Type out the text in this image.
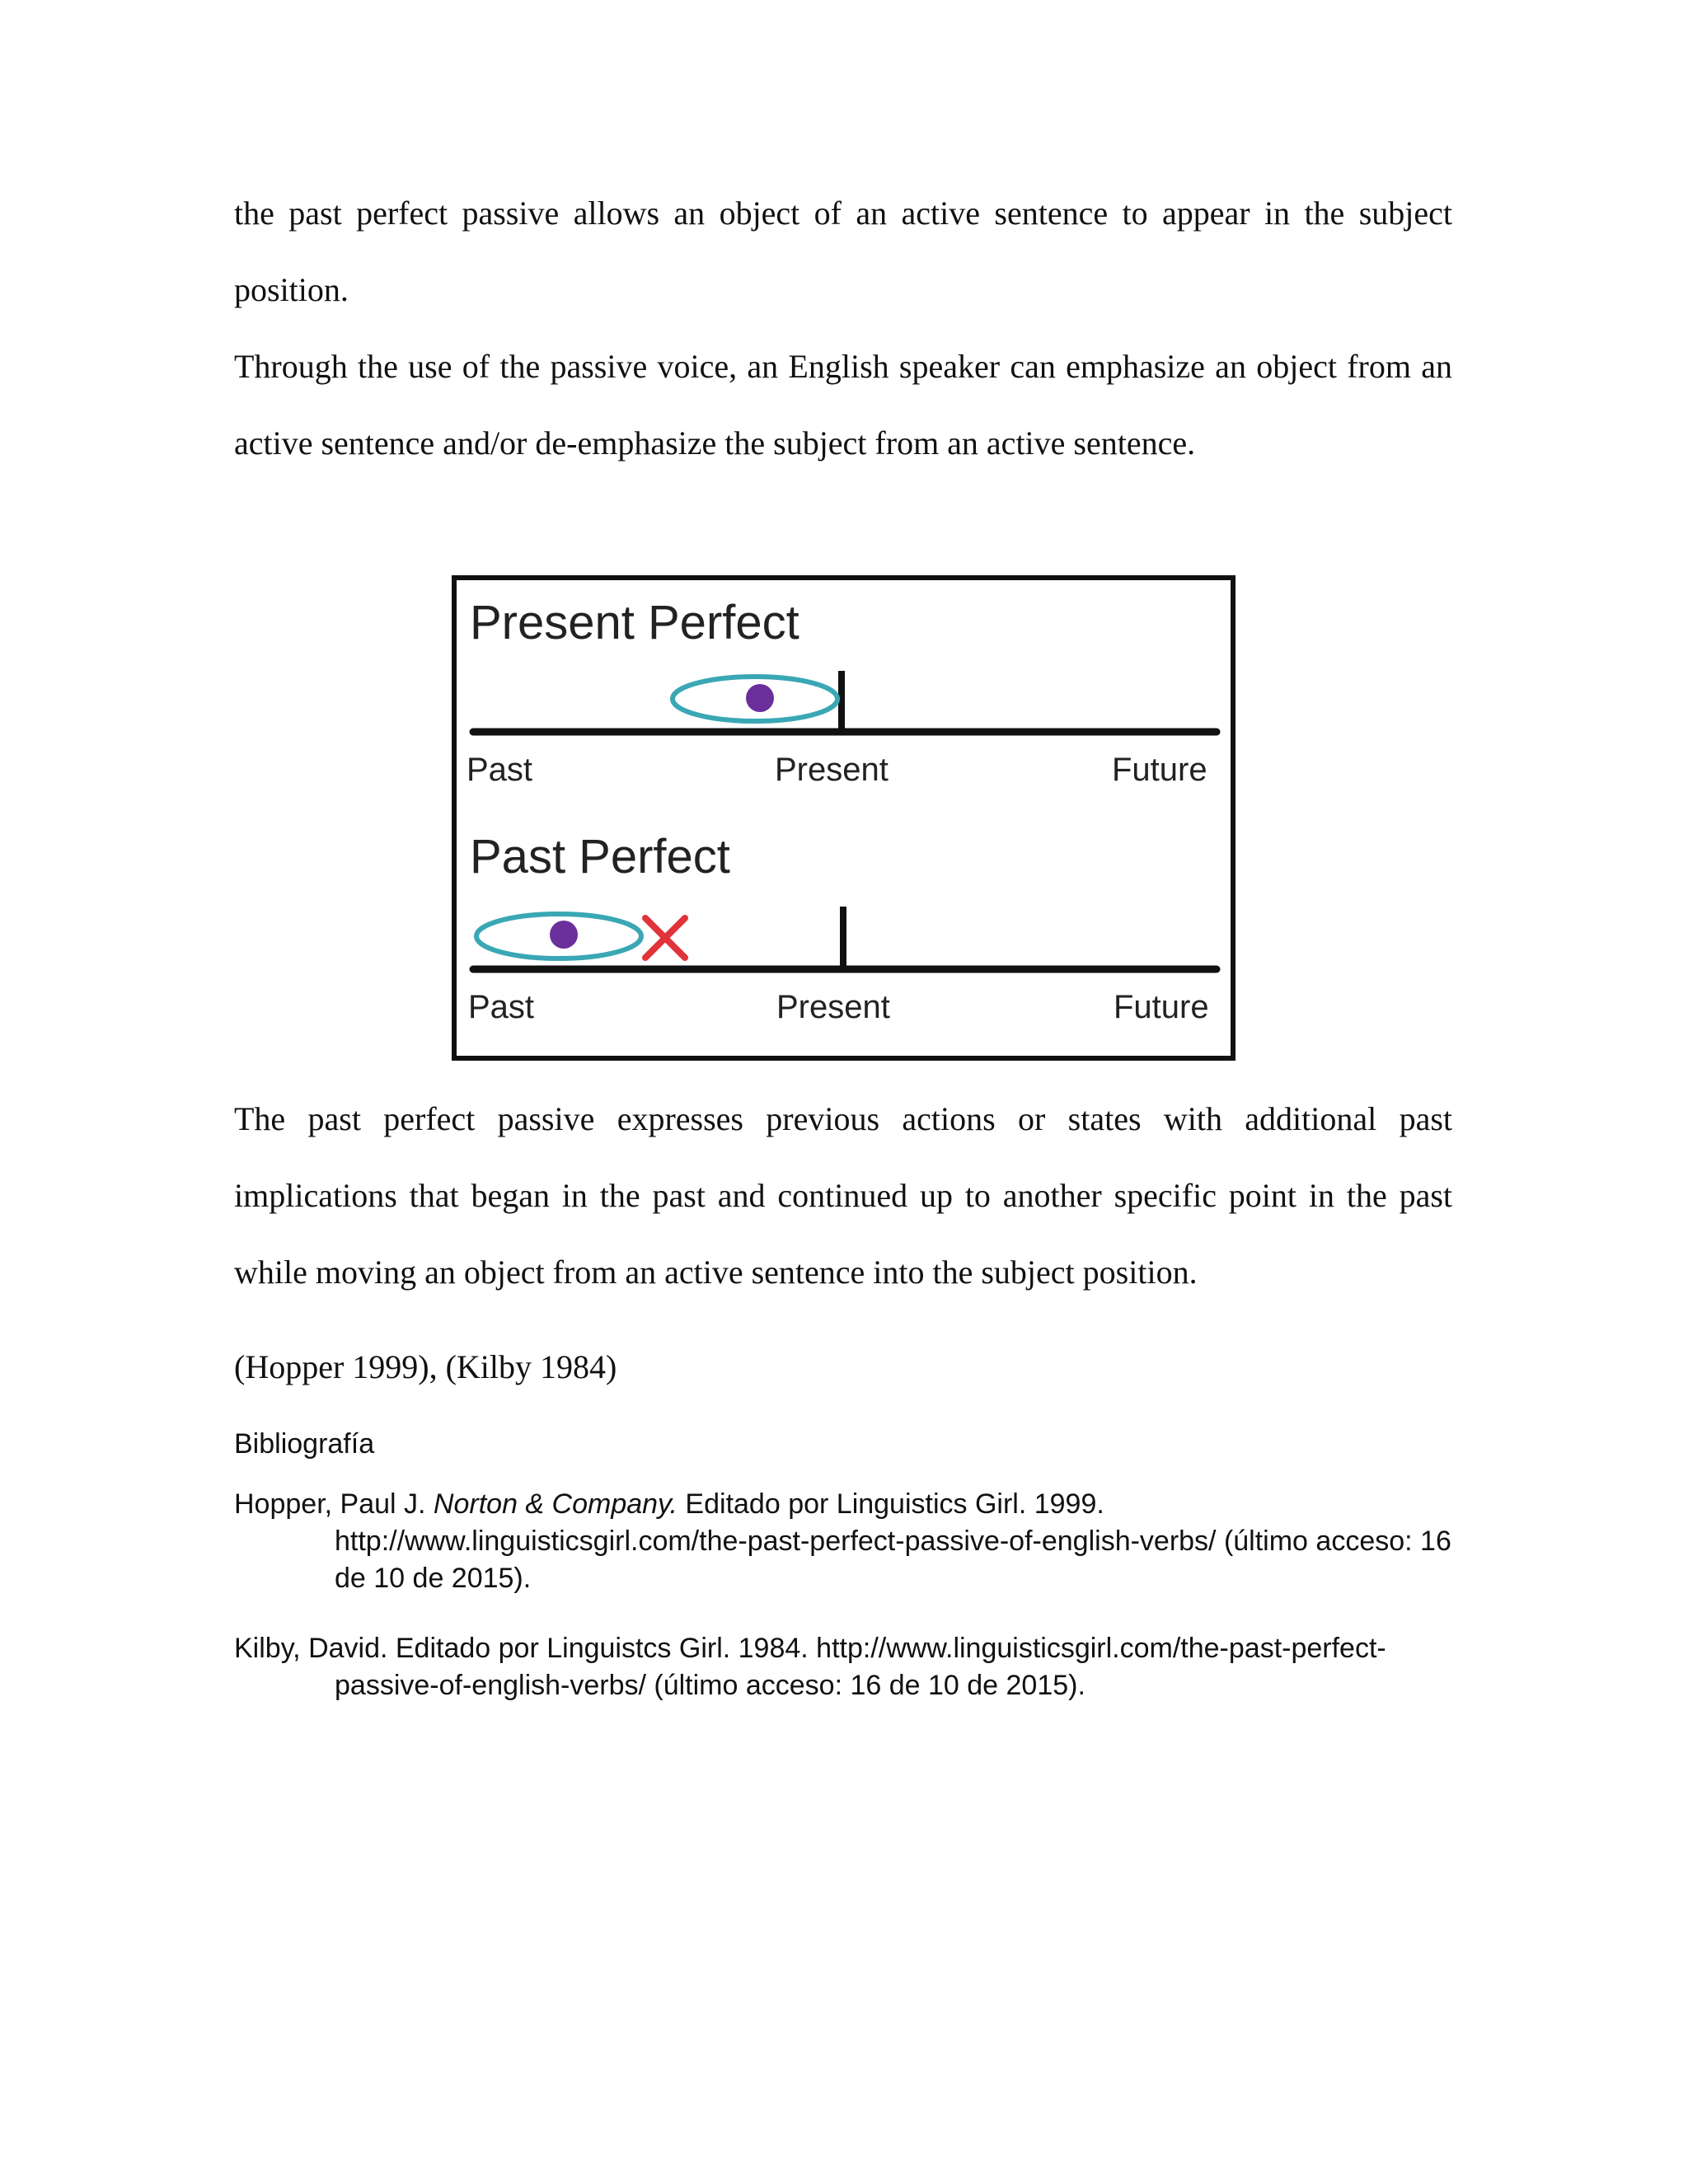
the past perfect passive allows an object of an active sentence to appear in the subject

position.

Through the use of the passive voice, an English speaker can emphasize an object from an

active sentence and/or de-emphasize the subject from an active sentence.

Present Perfect
Past	Present	Future
Past Perfect
Past	Present	Future

The past perfect passive expresses previous actions or states with additional past

implications that began in the past and continued up to another specific point in the past

while moving an object from an active sentence into the subject position.

(Hopper 1999), (Kilby 1984)

Bibliografía

Hopper, Paul J. Norton & Company. Editado por Linguistics Girl. 1999. http://www.linguisticsgirl.com/the-past-perfect-passive-of-english-verbs/ (último acceso: 16 de 10 de 2015).

Kilby, David. Editado por Linguistcs Girl. 1984. http://www.linguisticsgirl.com/the-past-perfect-passive-of-english-verbs/ (último acceso: 16 de 10 de 2015).
